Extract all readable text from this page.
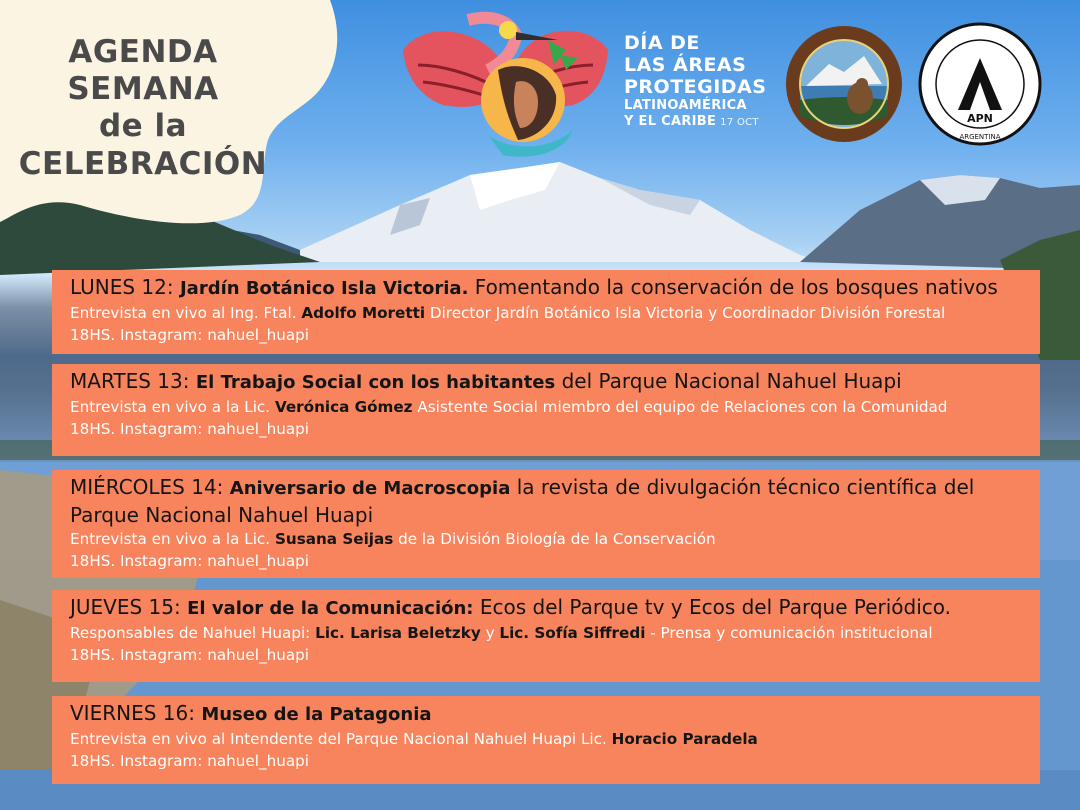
AGENDA
SEMANA
de la
CELEBRACIÓN
DÍA DE
LAS ÁREAS
PROTEGIDAS
LATINOAMÉRICA
Y EL CARIBE 17 OCT	APN
ARGENTINA
LUNES 12: Jardín Botánico Isla Victoria. Fomentando la conservación de los bosques nativos
Entrevista en vivo al Ing. Ftal. Adolfo Moretti Director Jardín Botánico Isla Victoria y Coordinador División Forestal
18HS. Instagram: nahuel_huapi
MARTES 13: El Trabajo Social con los habitantes del Parque Nacional Nahuel Huapi
Entrevista en vivo a la Lic. Verónica Gómez Asistente Social miembro del equipo de Relaciones con la Comunidad
18HS. Instagram: nahuel_huapi
MIÉRCOLES 14: Aniversario de Macroscopia la revista de divulgación técnico científica del
Parque Nacional Nahuel Huapi
Entrevista en vivo a la Lic. Susana Seijas de la División Biología de la Conservación
18HS. Instagram: nahuel_huapi
JUEVES 15: El valor de la Comunicación: Ecos del Parque tv y Ecos del Parque Periódico.
Responsables de Nahuel Huapi: Lic. Larisa Beletzky y Lic. Sofía Siffredi - Prensa y comunicación institucional
18HS. Instagram: nahuel_huapi
VIERNES 16: Museo de la Patagonia
Entrevista en vivo al Intendente del Parque Nacional Nahuel Huapi Lic. Horacio Paradela
18HS. Instagram: nahuel_huapi
